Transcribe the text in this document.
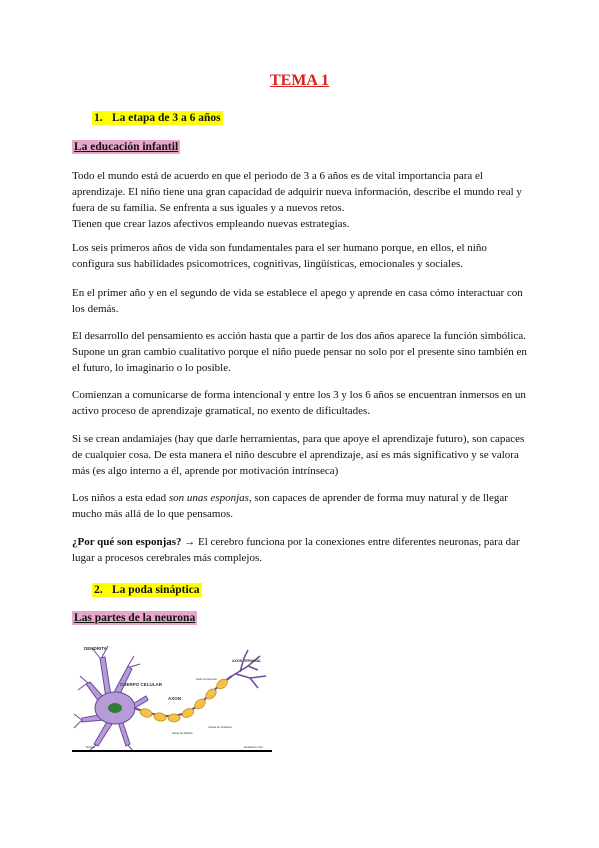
TEMA 1
1. La etapa de 3 a 6 años
La educación infantil
Todo el mundo está de acuerdo en que el periodo de 3 a 6 años es de vital importancia para el aprendizaje. El niño tiene una gran capacidad de adquirir nueva información, describe el mundo real y fuera de su familia. Se enfrenta a sus iguales y a nuevos retos.
Tienen que crear lazos afectivos empleando nuevas estrategias.

Los seis primeros años de vida son fundamentales para el ser humano porque, en ellos, el niño configura sus habilidades psicomotrices, cognitivas, lingüísticas, emocionales y sociales.

En el primer año y en el segundo de vida se establece el apego y aprende en casa cómo interactuar con los demás.

El desarrollo del pensamiento es acción hasta que a partir de los dos años aparece la función simbólica. Supone un gran cambio cualitativo porque el niño puede pensar no solo por el presente sino también en el futuro, lo imaginario o lo posible.

Comienzan a comunicarse de forma intencional y entre los 3 y los 6 años se encuentran inmersos en un activo proceso de aprendizaje gramatical, no exento de dificultades.

Si se crean andamiajes (hay que darle herramientas, para que apoye el aprendizaje futuro), son capaces de cualquier cosa. De esta manera el niño descubre el aprendizaje, así es más significativo y se valora más (es algo interno a él, aprende por motivación intrínseca)

Los niños a esta edad son unas esponjas, son capaces de aprender de forma muy natural y de llegar mucho más allá de lo que pensamos.

¿Por qué son esponjas? → El cerebro funciona por la conexiones entre diferentes neuronas, para dar lugar a procesos cerebrales más complejos.

2. La poda sináptica
Las partes de la neurona
DENDRITA
CUERPO CELULAR
AXON
AXON TERMINAL
Nodo de Ranvier
Célula de Schwann
Vaina de Mielina
Núcleo	lassasme.com
